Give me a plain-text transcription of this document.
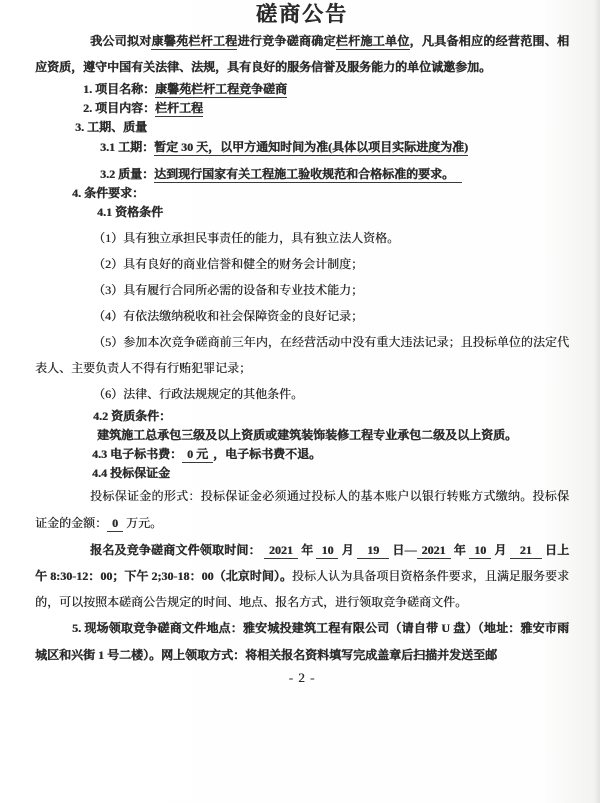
磋商公告

我公司拟对康馨苑栏杆工程进行竞争磋商确定栏杆施工单位，凡具备相应的经营范围、相应资质，遵守中国有关法律、法规，具有良好的服务信誉及服务能力的单位诚邀参加。

1. 项目名称：康馨苑栏杆工程竞争磋商

2. 项目内容：栏杆工程

3. 工期、质量

3.1 工期：暂定 30 天，以甲方通知时间为准(具体以项目实际进度为准)

3.2 质量：达到现行国家有关工程施工验收规范和合格标准的要求。

4. 条件要求：

4.1 资格条件

（1）具有独立承担民事责任的能力，具有独立法人资格。

（2）具有良好的商业信誉和健全的财务会计制度；

（3）具有履行合同所必需的设备和专业技术能力；

（4）有依法缴纳税收和社会保障资金的良好记录；

（5）参加本次竞争磋商前三年内，在经营活动中没有重大违法记录；且投标单位的法定代表人、主要负责人不得有行贿犯罪记录；

（6）法律、行政法规规定的其他条件。

4.2 资质条件：

建筑施工总承包三级及以上资质或建筑装饰装修工程专业承包二级及以上资质。

4.3 电子标书费： 0 元 ，电子标书费不退。

4.4 投标保证金

投标保证金的形式：投标保证金必须通过投标人的基本账户以银行转账方式缴纳。投标保证金的金额： 0 万元。

报名及竞争磋商文件领取时间： 2021 年 10 月 19 日— 2021 年 10 月 21 日上午 8:30-12：00；下午 2;30-18：00（北京时间）。投标人认为具备项目资格条件要求，且满足服务要求的，可以按照本磋商公告规定的时间、地点、报名方式，进行领取竞争磋商文件。

5. 现场领取竞争磋商文件地点：雅安城投建筑工程有限公司（请自带 U 盘）（地址：雅安市雨城区和兴街 1 号二楼）。网上领取方式：将相关报名资料填写完成盖章后扫描并发送至邮

- 2 -
